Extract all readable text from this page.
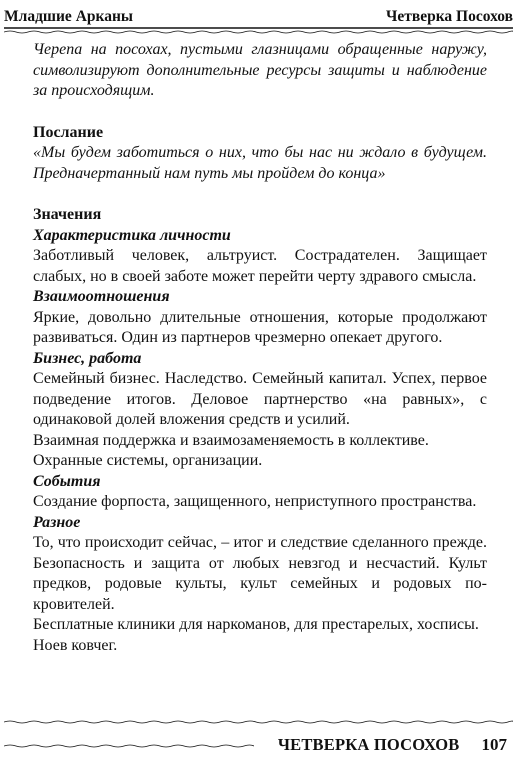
Младшие Арканы	Четверка Посохов

Черепа на посохах, пустыми глазницами обращенные наружу, символизируют дополнительные ресурсы защиты и наблюдение за происходящим.

Послание

«Мы будем заботиться о них, что бы нас ни ждало в будущем. Предначертанный нам путь мы пройдем до конца»

Значения

Характеристика личности

Заботливый человек, альтруист. Сострадателен. Защищает слабых, но в своей заботе может перейти черту здравого смысла.

Взаимоотношения

Яркие, довольно длительные отношения, которые продолжают развиваться. Один из партнеров чрезмерно опекает другого.

Бизнес, работа

Семейный бизнес. Наследство. Семейный капитал. Успех, первое подведение итогов. Деловое партнерство «на равных», с одинаковой долей вложения средств и усилий.

Взаимная поддержка и взаимозаменяемость в коллективе.

Охранные системы, организации.

События

Создание форпоста, защищенного, неприступного пространства.

Разное

То, что происходит сейчас, – итог и следствие сделанного прежде. Безопасность и защита от любых невзгод и несчастий. Культ предков, родовые культы, культ семейных и родовых покровителей.

Бесплатные клиники для наркоманов, для престарелых, хосписы.

Ноев ковчег.

ЧЕТВЕРКА ПОСОХОВ 107
